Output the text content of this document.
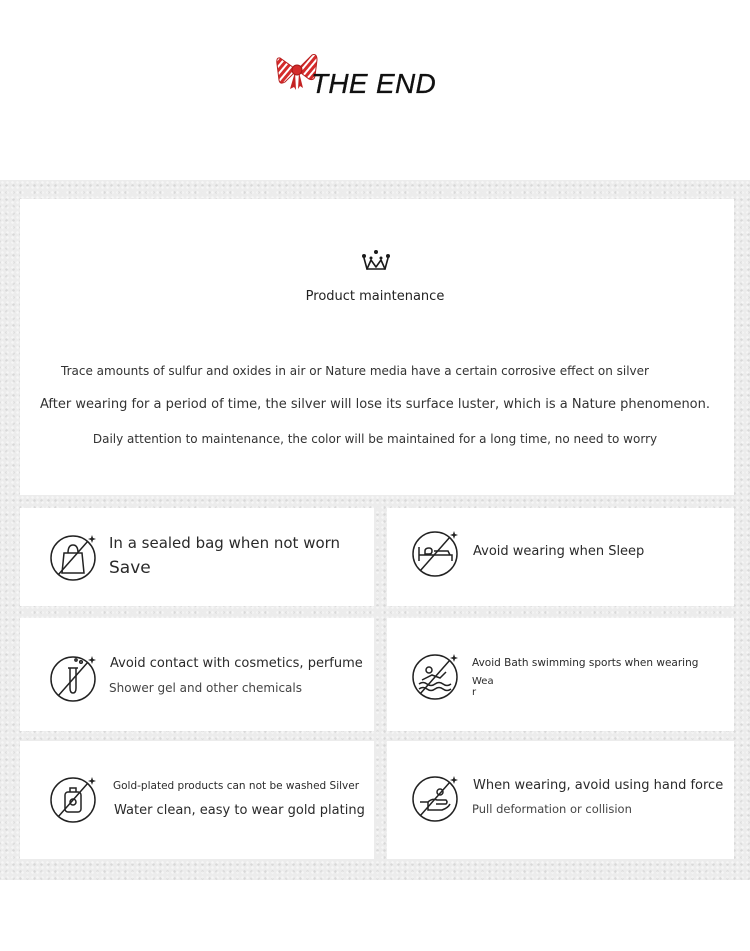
THE END
Product maintenance
Trace amounts of sulfur and oxides in air or Nature media have a certain corrosive effect on silver
After wearing for a period of time, the silver will lose its surface luster, which is a Nature phenomenon.
Daily attention to maintenance, the color will be maintained for a long time, no need to worry
In a sealed bag when not worn
Save
Avoid wearing when Sleep
Avoid contact with cosmetics, perfume
Shower gel and other chemicals
Avoid Bath swimming sports when wearing
Wea
r
Gold-plated products can not be washed Silver
Water clean, easy to wear gold plating
When wearing, avoid using hand force
Pull deformation or collision
